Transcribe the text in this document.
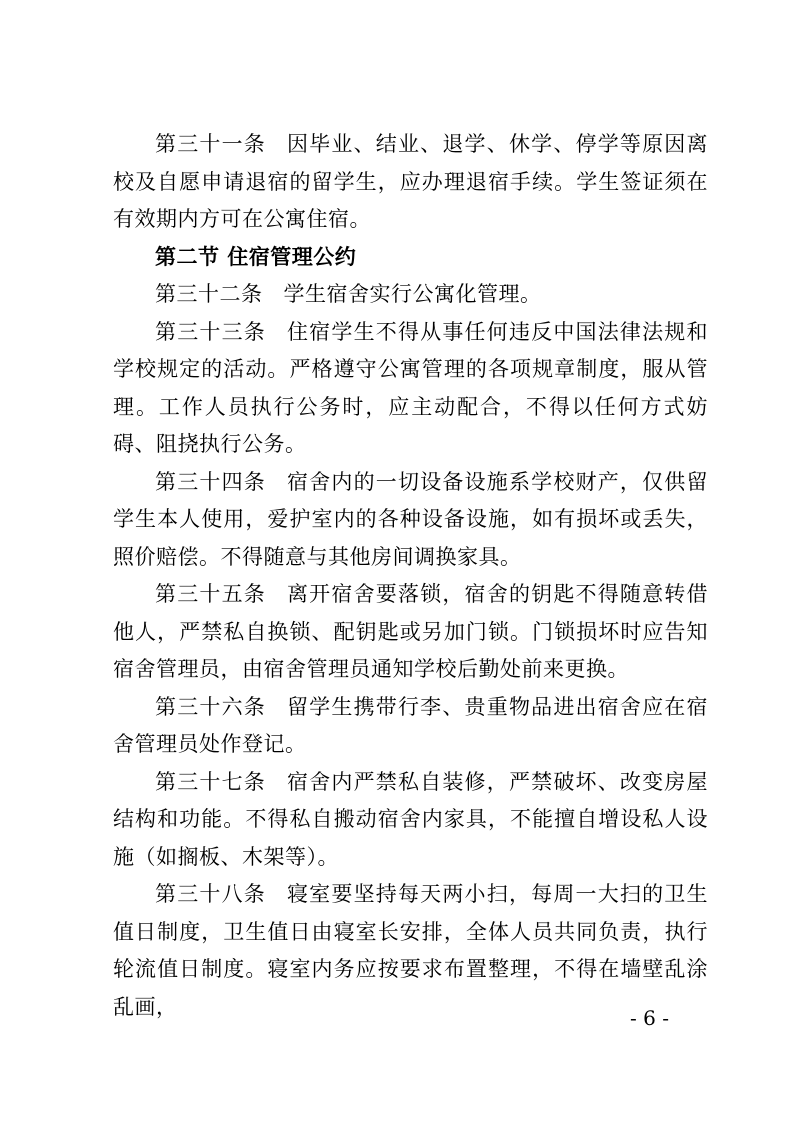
第三十一条 因毕业、结业、退学、休学、停学等原因离校及自愿申请退宿的留学生，应办理退宿手续。学生签证须在有效期内方可在公寓住宿。

第二节 住宿管理公约

第三十二条 学生宿舍实行公寓化管理。

第三十三条 住宿学生不得从事任何违反中国法律法规和学校规定的活动。严格遵守公寓管理的各项规章制度，服从管理。工作人员执行公务时，应主动配合，不得以任何方式妨碍、阻挠执行公务。

第三十四条 宿舍内的一切设备设施系学校财产，仅供留学生本人使用，爱护室内的各种设备设施，如有损坏或丢失，照价赔偿。不得随意与其他房间调换家具。

第三十五条 离开宿舍要落锁，宿舍的钥匙不得随意转借他人，严禁私自换锁、配钥匙或另加门锁。门锁损坏时应告知宿舍管理员，由宿舍管理员通知学校后勤处前来更换。

第三十六条 留学生携带行李、贵重物品进出宿舍应在宿舍管理员处作登记。

第三十七条 宿舍内严禁私自装修，严禁破坏、改变房屋结构和功能。不得私自搬动宿舍内家具，不能擅自增设私人设施（如搁板、木架等）。

第三十八条 寝室要坚持每天两小扫，每周一大扫的卫生值日制度，卫生值日由寝室长安排，全体人员共同负责，执行轮流值日制度。寝室内务应按要求布置整理，不得在墙壁乱涂乱画，	- 6 -
